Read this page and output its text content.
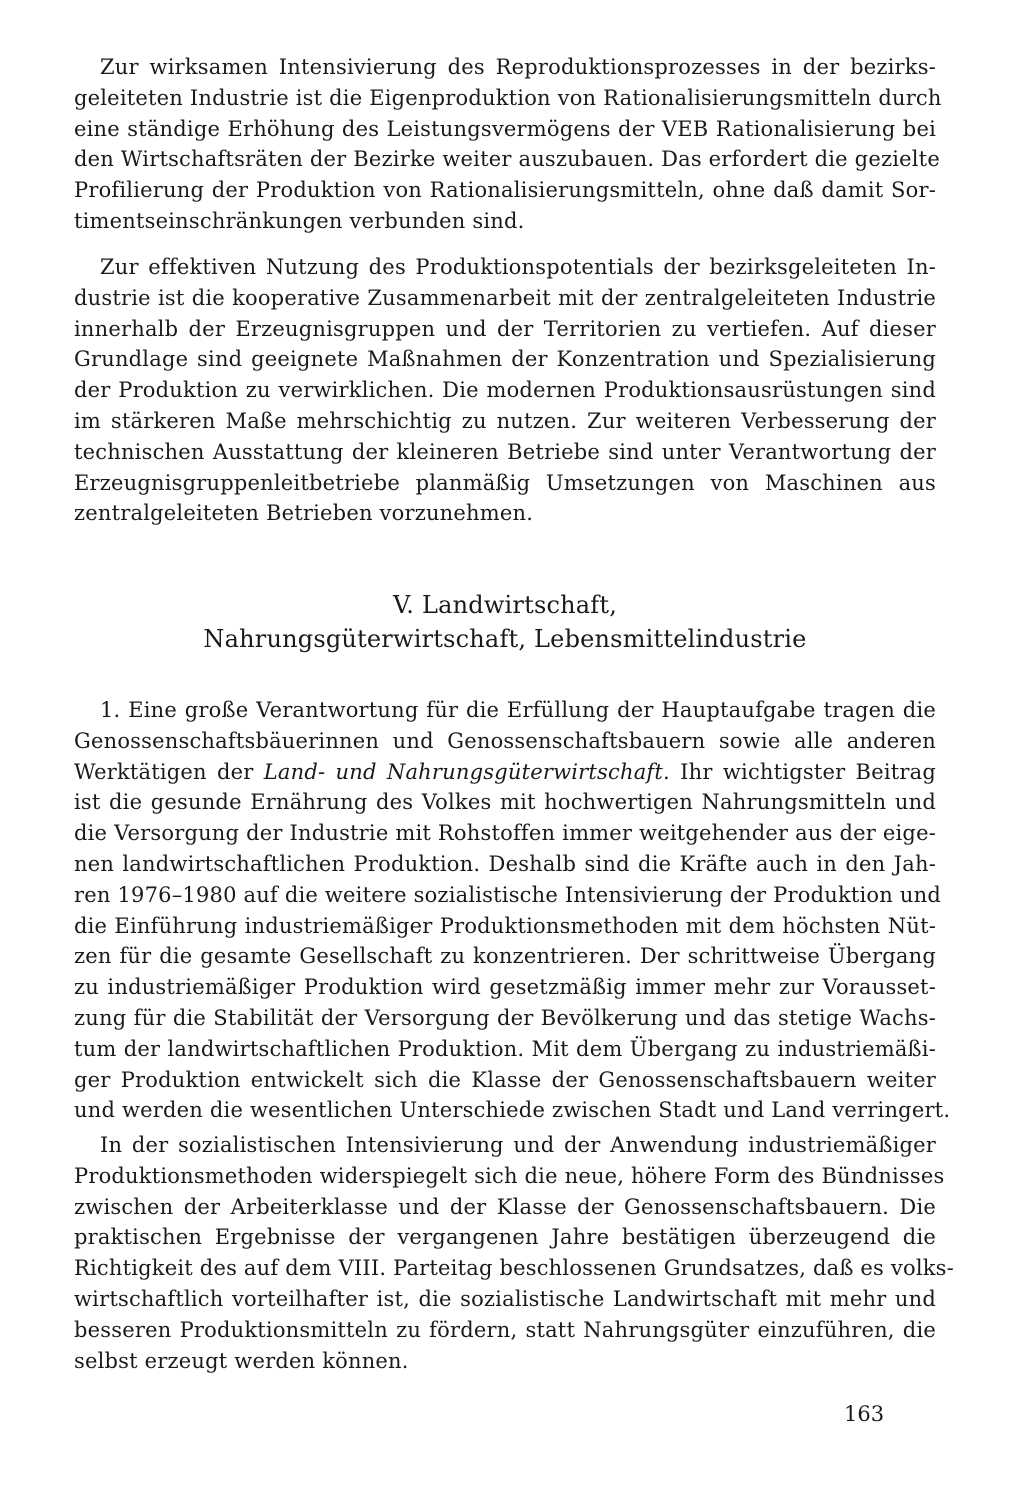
Zur wirksamen Intensivierung des Reproduktionsprozesses in der bezirks-
geleiteten Industrie ist die Eigenproduktion von Rationalisierungsmitteln durch
eine ständige Erhöhung des Leistungsvermögens der VEB Rationalisierung bei
den Wirtschaftsräten der Bezirke weiter auszubauen. Das erfordert die gezielte
Profilierung der Produktion von Rationalisierungsmitteln, ohne daß damit Sor-
timentseinschränkungen verbunden sind.
Zur effektiven Nutzung des Produktionspotentials der bezirksgeleiteten In-
dustrie ist die kooperative Zusammenarbeit mit der zentralgeleiteten Industrie
innerhalb der Erzeugnisgruppen und der Territorien zu vertiefen. Auf dieser
Grundlage sind geeignete Maßnahmen der Konzentration und Spezialisierung
der Produktion zu verwirklichen. Die modernen Produktionsausrüstungen sind
im stärkeren Maße mehrschichtig zu nutzen. Zur weiteren Verbesserung der
technischen Ausstattung der kleineren Betriebe sind unter Verantwortung der
Erzeugnisgruppenleitbetriebe planmäßig Umsetzungen von Maschinen aus
zentralgeleiteten Betrieben vorzunehmen.
V. Landwirtschaft,
Nahrungsgüterwirtschaft, Lebensmittelindustrie
1. Eine große Verantwortung für die Erfüllung der Hauptaufgabe tragen die
Genossenschaftsbäuerinnen und Genossenschaftsbauern sowie alle anderen
Werktätigen der Land- und Nahrungsgüterwirtschaft. Ihr wichtigster Beitrag
ist die gesunde Ernährung des Volkes mit hochwertigen Nahrungsmitteln und
die Versorgung der Industrie mit Rohstoffen immer weitgehender aus der eige-
nen landwirtschaftlichen Produktion. Deshalb sind die Kräfte auch in den Jah-
ren 1976–1980 auf die weitere sozialistische Intensivierung der Produktion und
die Einführung industriemäßiger Produktionsmethoden mit dem höchsten Nüt-
zen für die gesamte Gesellschaft zu konzentrieren. Der schrittweise Übergang
zu industriemäßiger Produktion wird gesetzmäßig immer mehr zur Vorausset-
zung für die Stabilität der Versorgung der Bevölkerung und das stetige Wachs-
tum der landwirtschaftlichen Produktion. Mit dem Übergang zu industriemäßi-
ger Produktion entwickelt sich die Klasse der Genossenschaftsbauern weiter
und werden die wesentlichen Unterschiede zwischen Stadt und Land verringert.
In der sozialistischen Intensivierung und der Anwendung industriemäßiger
Produktionsmethoden widerspiegelt sich die neue, höhere Form des Bündnisses
zwischen der Arbeiterklasse und der Klasse der Genossenschaftsbauern. Die
praktischen Ergebnisse der vergangenen Jahre bestätigen überzeugend die
Richtigkeit des auf dem VIII. Parteitag beschlossenen Grundsatzes, daß es volks-
wirtschaftlich vorteilhafter ist, die sozialistische Landwirtschaft mit mehr und
besseren Produktionsmitteln zu fördern, statt Nahrungsgüter einzuführen, die
selbst erzeugt werden können.
163
